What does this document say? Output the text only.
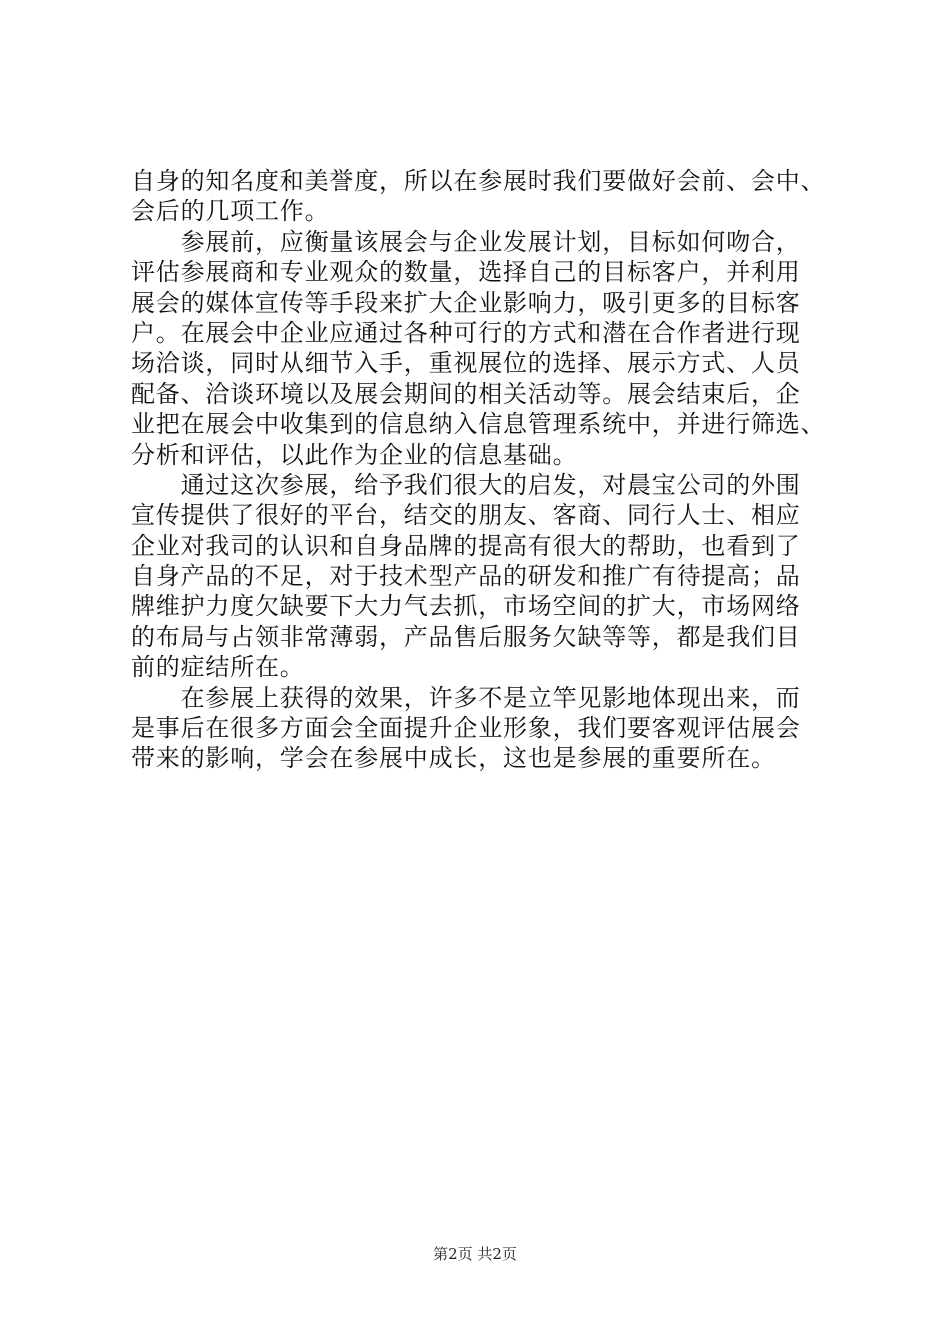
自身的知名度和美誉度，所以在参展时我们要做好会前、会中、
会后的几项工作。
　　参展前，应衡量该展会与企业发展计划，目标如何吻合，
评估参展商和专业观众的数量，选择自己的目标客户，并利用
展会的媒体宣传等手段来扩大企业影响力，吸引更多的目标客
户。在展会中企业应通过各种可行的方式和潜在合作者进行现
场洽谈，同时从细节入手，重视展位的选择、展示方式、人员
配备、洽谈环境以及展会期间的相关活动等。展会结束后，企
业把在展会中收集到的信息纳入信息管理系统中，并进行筛选、
分析和评估，以此作为企业的信息基础。
　　通过这次参展，给予我们很大的启发，对晨宝公司的外围
宣传提供了很好的平台，结交的朋友、客商、同行人士、相应
企业对我司的认识和自身品牌的提高有很大的帮助，也看到了
自身产品的不足，对于技术型产品的研发和推广有待提高；品
牌维护力度欠缺要下大力气去抓，市场空间的扩大，市场网络
的布局与占领非常薄弱，产品售后服务欠缺等等，都是我们目
前的症结所在。
　　在参展上获得的效果，许多不是立竿见影地体现出来，而
是事后在很多方面会全面提升企业形象，我们要客观评估展会
带来的影响，学会在参展中成长，这也是参展的重要所在。
第2页 共2页
